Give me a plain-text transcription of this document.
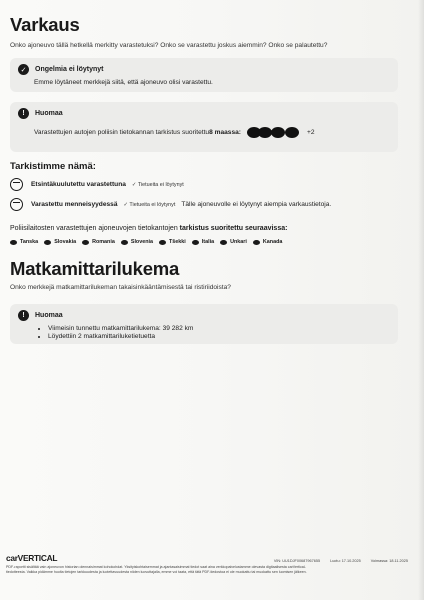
Varkaus

Onko ajoneuvo tällä hetkellä merkitty varastetuksi? Onko se varastettu joskus aiemmin? Onko se palautettu?

✓	Ongelmia ei löytynyt
Emme löytäneet merkkejä siitä, että ajoneuvo olisi varastettu.
!	Huomaa
Varastettujen autojen poliisin tietokannan tarkistus suoritettu 8 maassa:	+2
Tarkistimme nämä:
Etsintäkuulutettu varastettuna ✓ Tietueita ei löytynyt
Varastettu menneisyydessä ✓ Tietueita ei löytynyt Tälle ajoneuvolle ei löytynyt aiempia varkaustietoja.

Poliisilaitosten varastettujen ajoneuvojen tietokantojen tarkistus suoritettu seuraavissa:

Tanska	Slovakia	Romania	Slovenia	Tšekki	Italia	Unkari	Kanada
Matkamittarilukema

Onko merkkejä matkamittarilukeman takaisinkääntämisestä tai ristiriidoista?

!	Huomaa
• Viimeisin tunnettu matkamittarilukema: 39 282 km
• Löydettiin 2 matkamittariluketietuetta
carVERTICAL	VIN: UU1DJF00687967655	Luotu: 17.10.2025	Voimassa: 18.11.2025
PDF-raportti sisältää vain ajoneuvon historian olennaisimmat kohokohdat. Yksityiskohtaisemmat ja ajantasaisimmat tiedot saat aina verkkopalvelustamme olevasta digitaalisesta carVertical-
tiedotteesta. Vaikka pidämme huolta tietojen tarkkuudesta ja luotettavuudesta niiden luovuttajalla, emme voi taata, että tätä PDF-tiedostoa ei ole muokattu tai muokattu sen luomisen jälkeen.
